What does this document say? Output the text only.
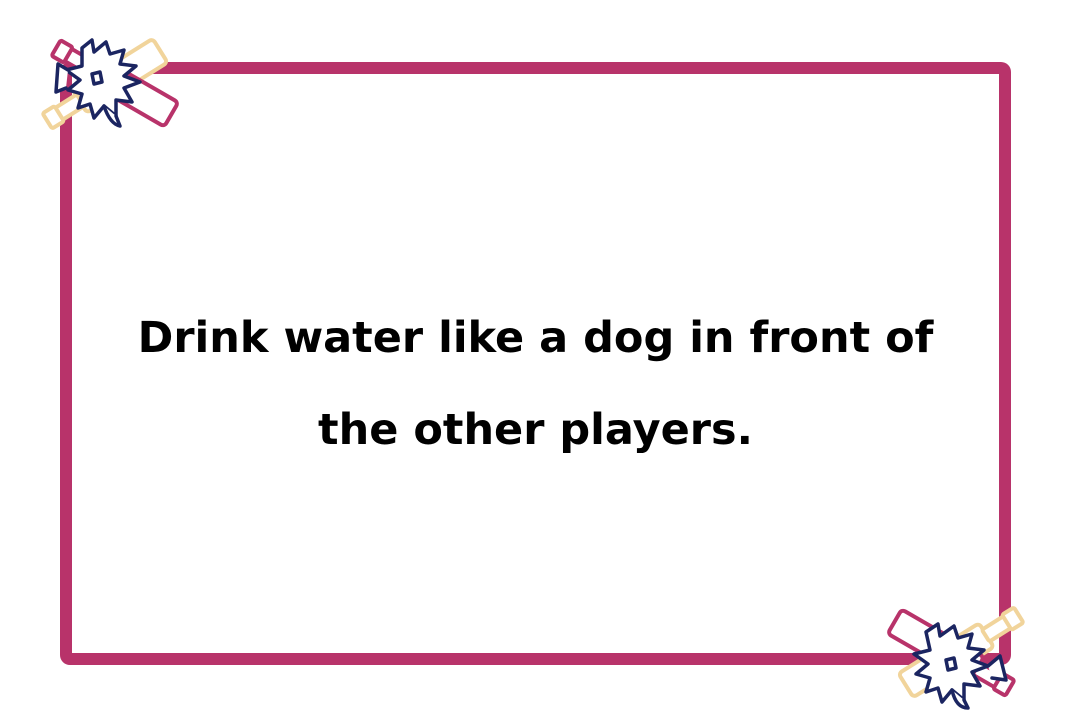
Drink water like a dog in front of the other players.
